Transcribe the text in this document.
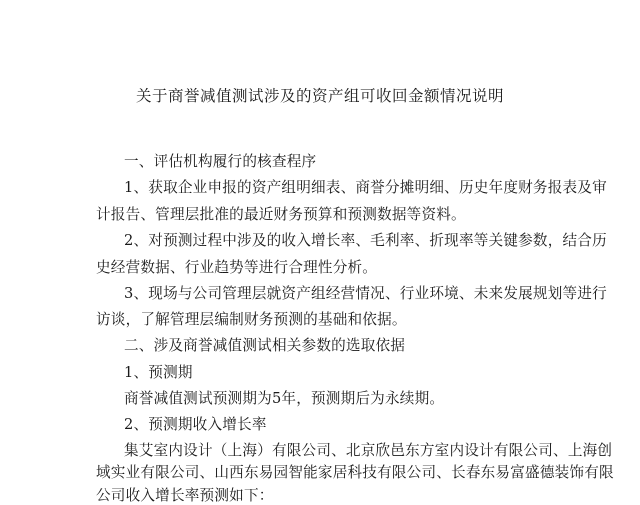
关于商誉减值测试涉及的资产组可收回金额情况说明
一、评估机构履行的核查程序
1、获取企业申报的资产组明细表、商誉分摊明细、历史年度财务报表及审
计报告、管理层批准的最近财务预算和预测数据等资料。
2、对预测过程中涉及的收入增长率、毛利率、折现率等关键参数，结合历
史经营数据、行业趋势等进行合理性分析。
3、现场与公司管理层就资产组经营情况、行业环境、未来发展规划等进行
访谈，了解管理层编制财务预测的基础和依据。
二、涉及商誉减值测试相关参数的选取依据
1、预测期
商誉减值测试预测期为5年，预测期后为永续期。
2、预测期收入增长率
集艾室内设计（上海）有限公司、北京欣邑东方室内设计有限公司、上海创
域实业有限公司、山西东易园智能家居科技有限公司、长春东易富盛德装饰有限
公司收入增长率预测如下：
